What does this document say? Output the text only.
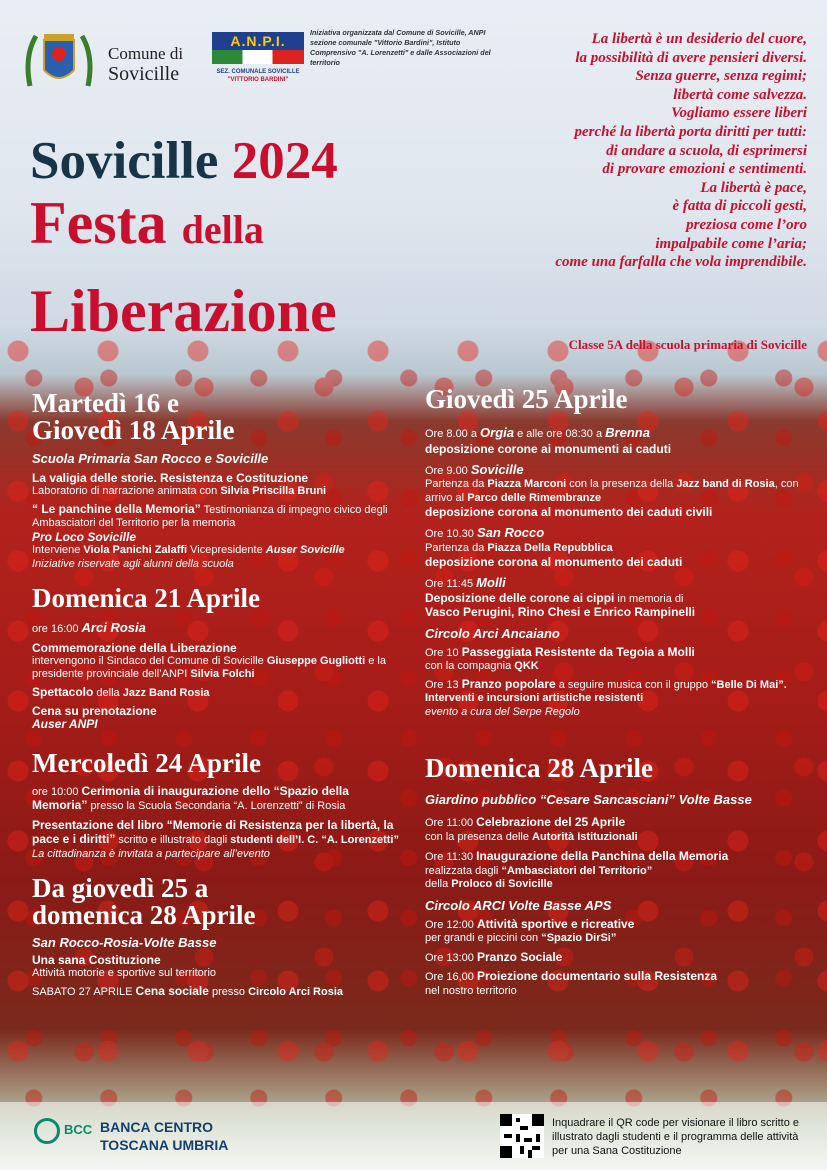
Comune di
Sovicille
A.N.P.I.
SEZ. COMUNALE SOVICILLE
"VITTORIO BARDINI"
Iniziativa organizzata dal Comune di Sovicille, ANPI sezione comunale "Vittorio Bardini", Istituto Comprensivo "A. Lorenzetti" e dalle Associazioni del territorio
La libertà è un desiderio del cuore,
la possibilità di avere pensieri diversi.
Senza guerre, senza regimi;
libertà come salvezza.
Vogliamo essere liberi
perché la libertà porta diritti per tutti:
di andare a scuola, di esprimersi
di provare emozioni e sentimenti.
La libertà è pace,
è fatta di piccoli gesti,
preziosa come l’oro
impalpabile come l’aria;
come una farfalla che vola imprendibile.
Classe 5A della scuola primaria di Sovicille
Sovicille 2024
Festa della
Liberazione
Martedì 16 e
Giovedì 18 Aprile
Scuola Primaria San Rocco e Sovicille
La valigia delle storie. Resistenza e Costituzione
Laboratorio di narrazione animata con Silvia Priscilla Bruni
“ Le panchine della Memoria” Testimonianza di impegno civico degli Ambasciatori del Territorio per la memoria
Pro Loco Sovicille
Interviene Viola Panichi Zalaffi Vicepresidente Auser Sovicille
Iniziative riservate agli alunni della scuola
Domenica 21 Aprile
ore 16:00 Arci Rosia
Commemorazione della Liberazione
intervengono il Sindaco del Comune di Sovicille Giuseppe Gugliotti e la presidente provinciale dell’ANPI Silvia Folchi
Spettacolo della Jazz Band Rosia
Cena su prenotazione
Auser ANPI
Mercoledì 24 Aprile
ore 10:00 Cerimonia di inaugurazione dello “Spazio della Memoria” presso la Scuola Secondaria “A. Lorenzetti” di Rosia
Presentazione del libro “Memorie di Resistenza per la libertà, la pace e i diritti” scritto e illustrato dagli studenti dell’I. C. “A. Lorenzetti”
La cittadinanza è invitata a partecipare all’evento
Da giovedì 25 a
domenica 28 Aprile
San Rocco-Rosia-Volte Basse
Una sana Costituzione
Attività motorie e sportive sul territorio
SABATO 27 APRILE Cena sociale presso Circolo Arci Rosia
Giovedì 25 Aprile
Ore 8.00 a Orgia e alle ore 08:30 a Brenna
deposizione corone ai monumenti ai caduti
Ore 9.00 Sovicille
Partenza da Piazza Marconi con la presenza della Jazz band di Rosia, con arrivo al Parco delle Rimembranze
deposizione corona al monumento dei caduti civili
Ore 10.30 San Rocco
Partenza da Piazza Della Repubblica
deposizione corona al monumento dei caduti
Ore 11:45 Molli
Deposizione delle corone ai cippi in memoria di
Vasco Perugini, Rino Chesi e Enrico Rampinelli
Circolo Arci Ancaiano
Ore 10 Passeggiata Resistente da Tegoia a Molli
con la compagnia QKK
Ore 13 Pranzo popolare a seguire musica con il gruppo “Belle Di Mai”. Interventi e incursioni artistiche resistenti
evento a cura del Serpe Regolo
Domenica 28 Aprile
Giardino pubblico “Cesare Sancasciani” Volte Basse
Ore 11:00 Celebrazione del 25 Aprile
con la presenza delle Autorità Istituzionali
Ore 11:30 Inaugurazione della Panchina della Memoria
realizzata dagli “Ambasciatori del Territorio”
della Proloco di Sovicille
Circolo ARCI Volte Basse APS
Ore 12:00 Attività sportive e ricreative
per grandi e piccini con “Spazio DirSi”
Ore 13:00 Pranzo Sociale
Ore 16,00 Proiezione documentario sulla Resistenza
nel nostro territorio
BCC BANCA CENTRO
TOSCANA UMBRIA
Inquadrare il QR code per visionare il libro scritto e illustrato dagli studenti e il programma delle attività per una Sana Costituzione
